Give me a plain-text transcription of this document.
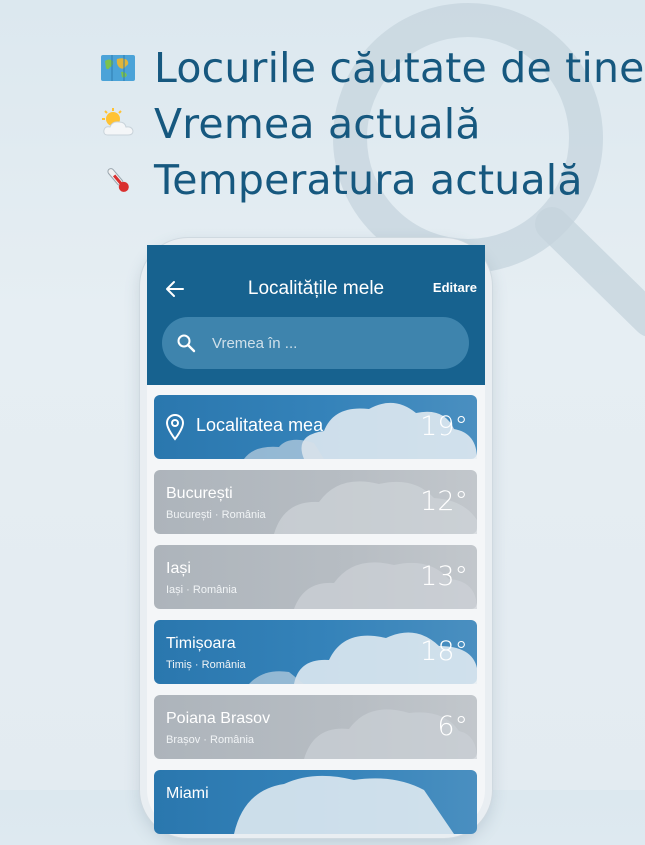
Locurile căutate de tine
Vremea actuală
Temperatura actuală
Localitățile mele	Editare
Vremea în ...
Localitatea mea	19°
București
București · România	12°
Iași
Iași · România	13°
Timișoara
Timiș · România	18°
Poiana Brasov
Brașov · România	6°
Miami
